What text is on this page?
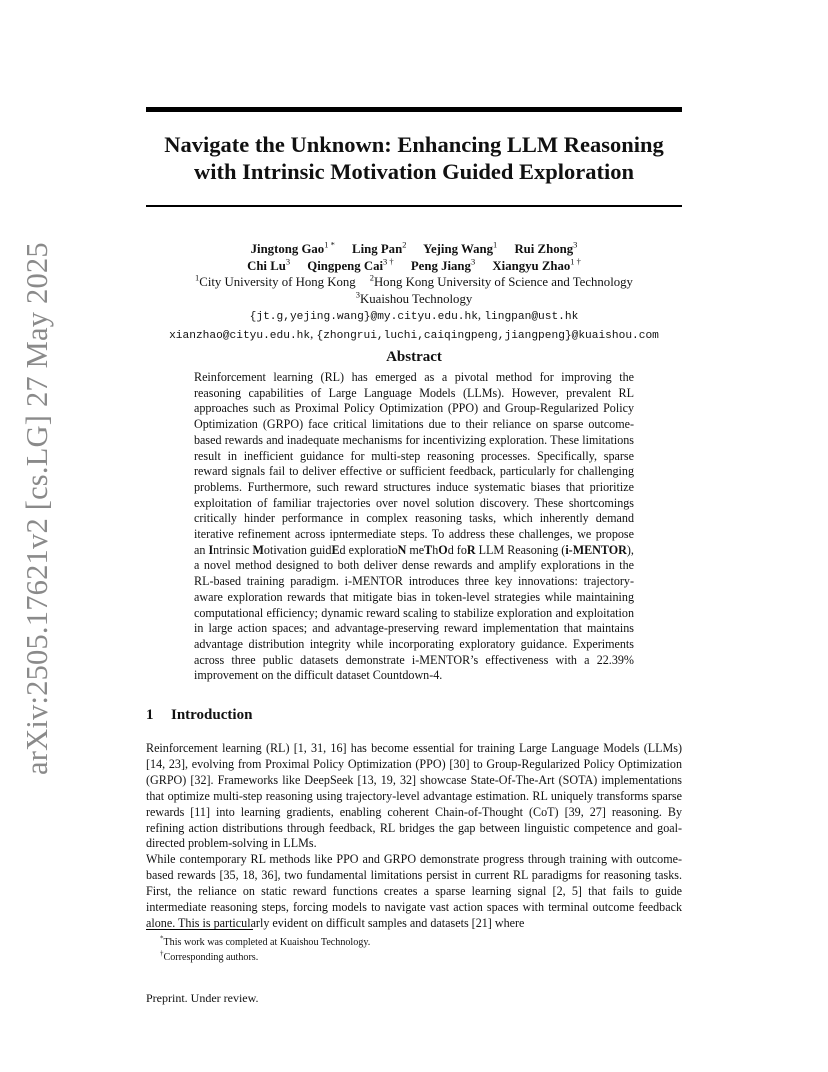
arXiv:2505.17621v2 [cs.LG] 27 May 2025
Navigate the Unknown: Enhancing LLM Reasoning with Intrinsic Motivation Guided Exploration
Jingtong Gao$^{1 *}$ Ling Pan$^2$ Yejing Wang$^1$ Rui Zhong$^3$
Chi Lu$^3$ Qingpeng Cai$^{3 \dagger}$ Peng Jiang$^3$ Xiangyu Zhao$^{1 \dagger}$
$^1$City University of Hong Kong $^2$Hong Kong University of Science and Technology
$^3$Kuaishou Technology
{jt.g,yejing.wang}@my.cityu.edu.hk, lingpan@ust.hk
xianzhao@cityu.edu.hk, {zhongrui,luchi,caiqingpeng,jiangpeng}@kuaishou.com
Abstract

Reinforcement learning (RL) has emerged as a pivotal method for improving the reasoning capabilities of Large Language Models (LLMs). However, prevalent RL approaches such as Proximal Policy Optimization (PPO) and Group-Regularized Policy Optimization (GRPO) face critical limitations due to their reliance on sparse outcome-based rewards and inadequate mechanisms for incentivizing exploration. These limitations result in inefficient guidance for multi-step reasoning processes. Specifically, sparse reward signals fail to deliver effective or sufficient feedback, particularly for challenging problems. Furthermore, such reward structures induce systematic biases that prioritize exploitation of familiar trajectories over novel solution discovery. These shortcomings critically hinder performance in complex reasoning tasks, which inherently demand iterative refinement across ipntermediate steps. To address these challenges, we propose an Intrinsic Motivation guidEd exploratioN meThOd foR LLM Reasoning (i-MENTOR), a novel method designed to both deliver dense rewards and amplify explorations in the RL-based training paradigm. i-MENTOR introduces three key innovations: trajectory-aware exploration rewards that mitigate bias in token-level strategies while maintaining computational efficiency; dynamic reward scaling to stabilize exploration and exploitation in large action spaces; and advantage-preserving reward implementation that maintains advantage distribution integrity while incorporating exploratory guidance. Experiments across three public datasets demonstrate i-MENTOR’s effectiveness with a 22.39% improvement on the difficult dataset Countdown-4.

1 Introduction

Reinforcement learning (RL) [1, 31, 16] has become essential for training Large Language Models (LLMs) [14, 23], evolving from Proximal Policy Optimization (PPO) [30] to Group-Regularized Policy Optimization (GRPO) [32]. Frameworks like DeepSeek [13, 19, 32] showcase State-Of-The-Art (SOTA) implementations that optimize multi-step reasoning using trajectory-level advantage estimation. RL uniquely transforms sparse rewards [11] into learning gradients, enabling coherent Chain-of-Thought (CoT) [39, 27] reasoning. By refining action distributions through feedback, RL bridges the gap between linguistic competence and goal-directed problem-solving in LLMs.

While contemporary RL methods like PPO and GRPO demonstrate progress through training with outcome-based rewards [35, 18, 36], two fundamental limitations persist in current RL paradigms for reasoning tasks. First, the reliance on static reward functions creates a sparse learning signal [2, 5] that fails to guide intermediate reasoning steps, forcing models to navigate vast action spaces with terminal outcome feedback alone. This is particularly evident on difficult samples and datasets [21] where

*This work was completed at Kuaishou Technology.

†Corresponding authors.

Preprint. Under review.
